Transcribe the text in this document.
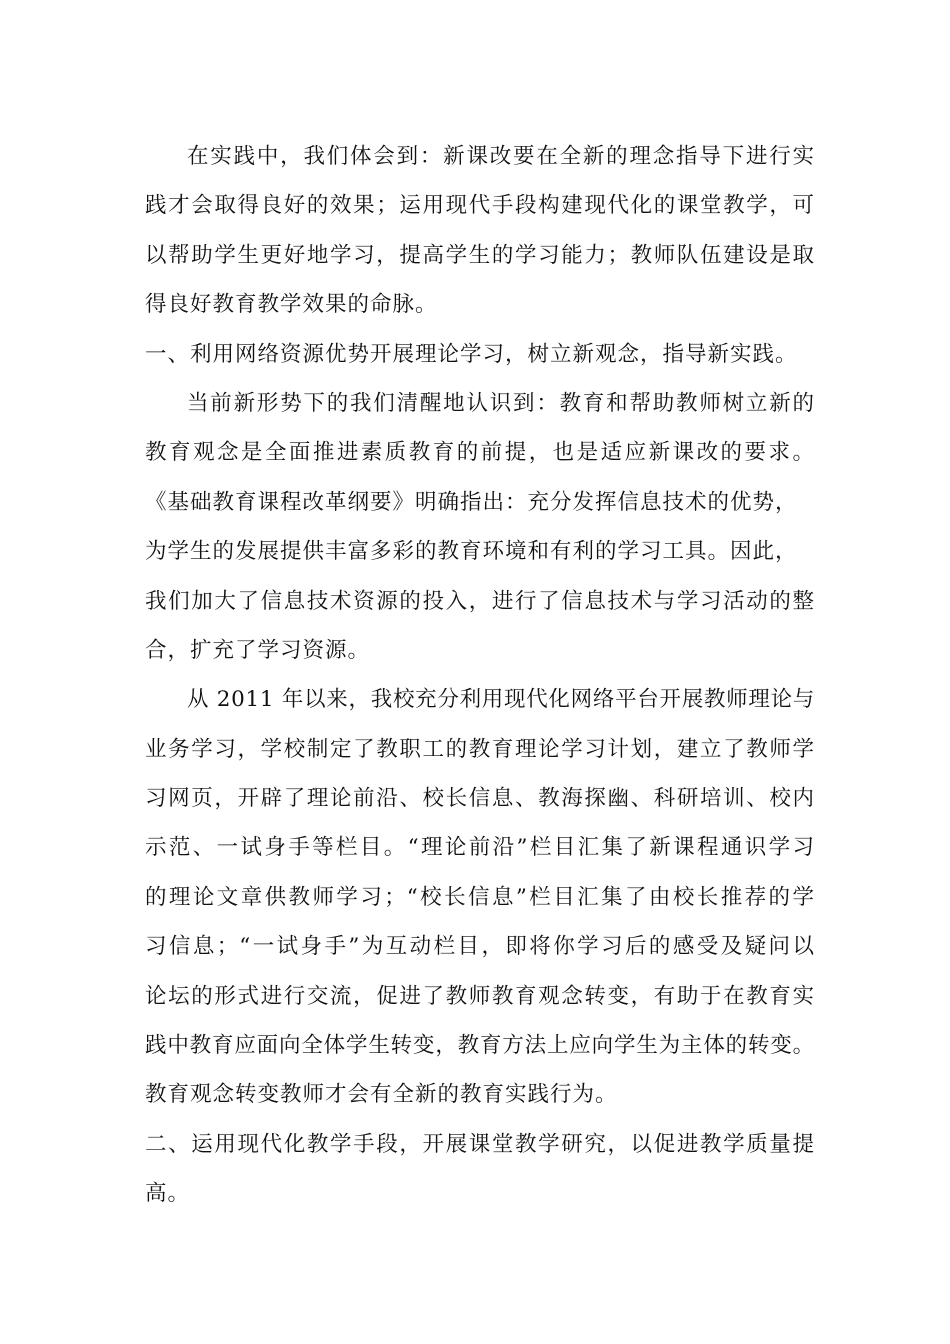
在实践中，我们体会到：新课改要在全新的理念指导下进行实
践才会取得良好的效果；运用现代手段构建现代化的课堂教学，可
以帮助学生更好地学习，提高学生的学习能力；教师队伍建设是取
得良好教育教学效果的命脉。
一、利用网络资源优势开展理论学习，树立新观念，指导新实践。
当前新形势下的我们清醒地认识到：教育和帮助教师树立新的
教育观念是全面推进素质教育的前提，也是适应新课改的要求。
《基础教育课程改革纲要》明确指出：充分发挥信息技术的优势，
为学生的发展提供丰富多彩的教育环境和有利的学习工具。因此，
我们加大了信息技术资源的投入，进行了信息技术与学习活动的整
合，扩充了学习资源。
从 2011 年以来，我校充分利用现代化网络平台开展教师理论与
业务学习，学校制定了教职工的教育理论学习计划，建立了教师学
习网页，开辟了理论前沿、校长信息、教海探幽、科研培训、校内
示范、一试身手等栏目。“理论前沿”栏目汇集了新课程通识学习
的理论文章供教师学习；“校长信息”栏目汇集了由校长推荐的学
习信息；“一试身手”为互动栏目，即将你学习后的感受及疑问以
论坛的形式进行交流，促进了教师教育观念转变，有助于在教育实
践中教育应面向全体学生转变，教育方法上应向学生为主体的转变。
教育观念转变教师才会有全新的教育实践行为。
二、运用现代化教学手段，开展课堂教学研究，以促进教学质量提
高。
